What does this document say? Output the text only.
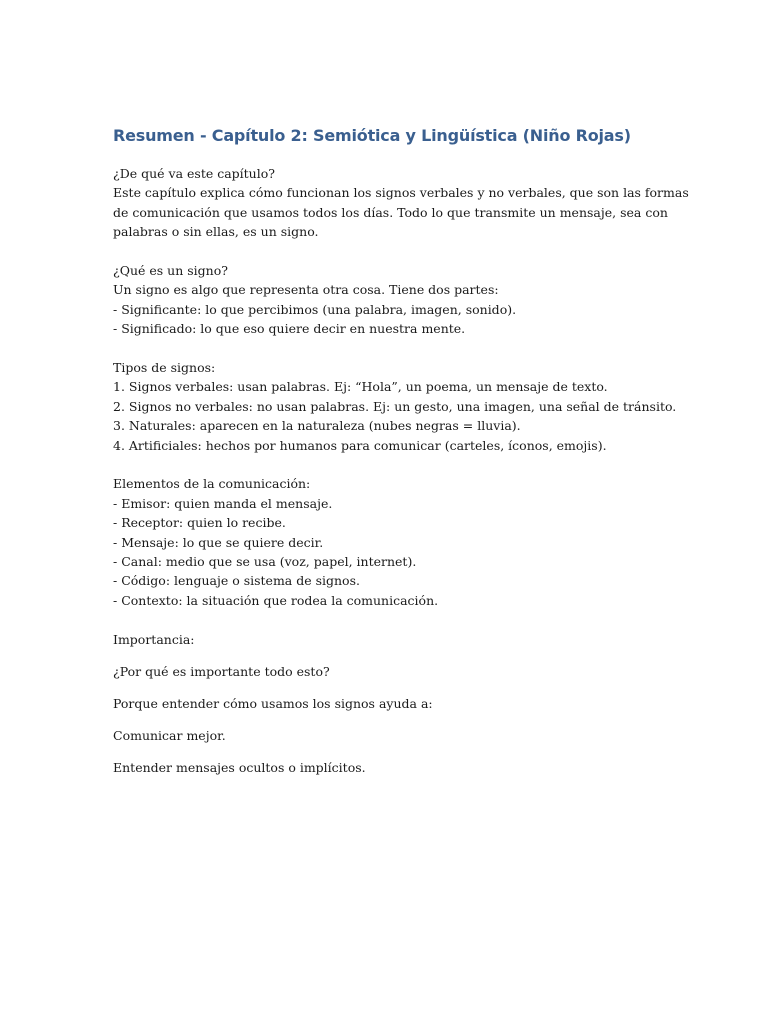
Resumen - Capítulo 2: Semiótica y Lingüística (Niño Rojas)

¿De qué va este capítulo?
Este capítulo explica cómo funcionan los signos verbales y no verbales, que son las formas
de comunicación que usamos todos los días. Todo lo que transmite un mensaje, sea con
palabras o sin ellas, es un signo.

¿Qué es un signo?
Un signo es algo que representa otra cosa. Tiene dos partes:
- Significante: lo que percibimos (una palabra, imagen, sonido).
- Significado: lo que eso quiere decir en nuestra mente.

Tipos de signos:
1. Signos verbales: usan palabras. Ej: “Hola”, un poema, un mensaje de texto.
2. Signos no verbales: no usan palabras. Ej: un gesto, una imagen, una señal de tránsito.
3. Naturales: aparecen en la naturaleza (nubes negras = lluvia).
4. Artificiales: hechos por humanos para comunicar (carteles, íconos, emojis).

Elementos de la comunicación:
- Emisor: quien manda el mensaje.
- Receptor: quien lo recibe.
- Mensaje: lo que se quiere decir.
- Canal: medio que se usa (voz, papel, internet).
- Código: lenguaje o sistema de signos.
- Contexto: la situación que rodea la comunicación.

Importancia:

¿Por qué es importante todo esto?

Porque entender cómo usamos los signos ayuda a:

Comunicar mejor.

Entender mensajes ocultos o implícitos.
